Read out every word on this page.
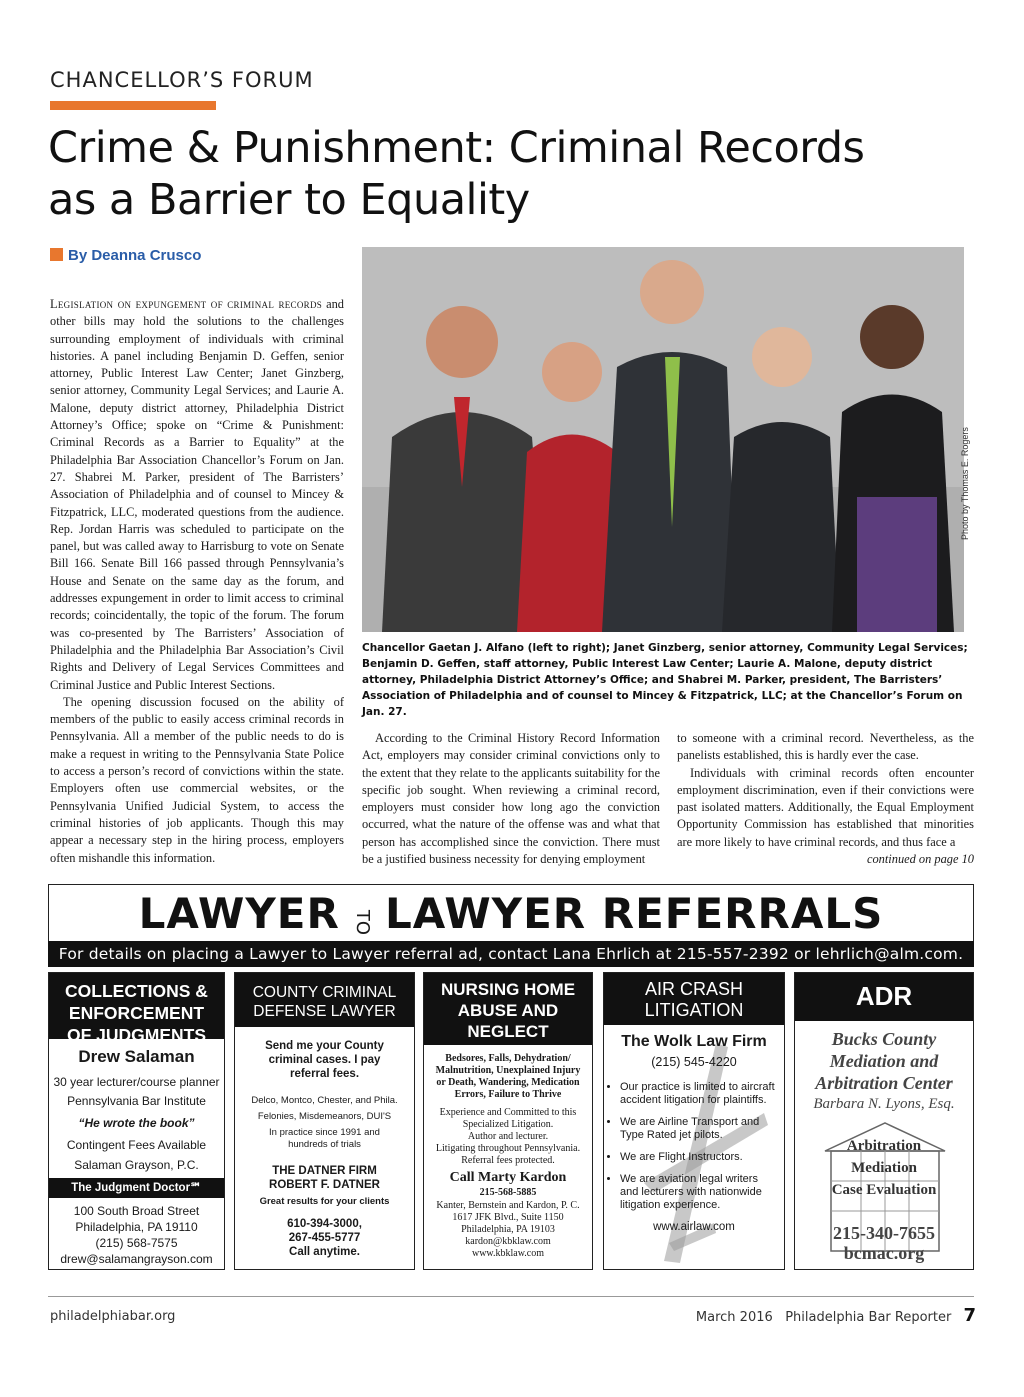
CHANCELLOR’S FORUM
Crime & Punishment: Criminal Records
as a Barrier to Equality
By Deanna Crusco

Legislation on expungement of criminal records and other bills may hold the solutions to the challenges surrounding employment of individuals with criminal histories. A panel including Benjamin D. Geffen, senior attorney, Public Interest Law Center; Janet Ginzberg, senior attorney, Community Legal Services; and Laurie A. Malone, deputy district attorney, Philadelphia District Attorney’s Office; spoke on “Crime & Punishment: Criminal Records as a Barrier to Equality” at the Philadelphia Bar Association Chancellor’s Forum on Jan. 27. Shabrei M. Parker, president of The Barristers’ Association of Philadelphia and of counsel to Mincey & Fitzpatrick, LLC, moderated questions from the audience. Rep. Jordan Harris was scheduled to participate on the panel, but was called away to Harrisburg to vote on Senate Bill 166. Senate Bill 166 passed through Pennsylvania’s House and Senate on the same day as the forum, and addresses expungement in order to limit access to criminal records; coincidentally, the topic of the forum. The forum was co-presented by The Barristers’ Association of Philadelphia and the Philadelphia Bar Association’s Civil Rights and Delivery of Legal Services Committees and Criminal Justice and Public Interest Sections.

The opening discussion focused on the ability of members of the public to easily access criminal records in Pennsylvania. All a member of the public needs to do is make a request in writing to the Pennsylvania State Police to access a person’s record of convictions within the state. Employers often use commercial websites, or the Pennsylvania Unified Judicial System, to access the criminal histories of job applicants. Though this may appear a necessary step in the hiring process, employers often mishandle this information.

Photo by Thomas E. Rogers
Chancellor Gaetan J. Alfano (left to right); Janet Ginzberg, senior attorney, Community Legal Services; Benjamin D. Geffen, staff attorney, Public Interest Law Center; Laurie A. Malone, deputy district attorney, Philadelphia District Attorney’s Office; and Shabrei M. Parker, president, The Barristers’ Association of Philadelphia and of counsel to Mincey & Fitzpatrick, LLC; at the Chancellor’s Forum on Jan. 27.

According to the Criminal History Record Information Act, employers may consider criminal convictions only to the extent that they relate to the applicants suitability for the specific job sought. When reviewing a criminal record, employers must consider how long ago the conviction occurred, what the nature of the offense was and what that person has accomplished since the conviction. There must be a justified business necessity for denying employment

to someone with a criminal record. Nevertheless, as the panelists established, this is hardly ever the case.

Individuals with criminal records often encounter employment discrimination, even if their convictions were past isolated matters. Additionally, the Equal Employment Opportunity Commission has established that minorities are more likely to have criminal records, and thus face a

continued on page 10
LAWYER TO LAWYER REFERRALS
For details on placing a Lawyer to Lawyer referral ad, contact Lana Ehrlich at 215-557-2392 or lehrlich@alm.com.
COLLECTIONS & ENFORCEMENT OF JUDGMENTS
Drew Salaman
30 year lecturer/course planner
Pennsylvania Bar Institute
“He wrote the book”
Contingent Fees Available
Salaman Grayson, P.C.
The Judgment Doctor℠
100 South Broad Street
Philadelphia, PA 19110
(215) 568-7575
drew@salamangrayson.com
COUNTY CRIMINAL DEFENSE LAWYER
Send me your County criminal cases. I pay referral fees.
Delco, Montco, Chester, and Phila.
Felonies, Misdemeanors, DUI'S
In practice since 1991 and hundreds of trials
THE DATNER FIRM
ROBERT F. DATNER
Great results for your clients
610-394-3000, 267-455-5777
Call anytime.
NURSING HOME ABUSE AND NEGLECT
Bedsores, Falls, Dehydration/ Malnutrition, Unexplained Injury or Death, Wandering, Medication Errors, Failure to Thrive
Experience and Committed to this Specialized Litigation.
Author and lecturer.
Litigating throughout Pennsylvania.
Referral fees protected.
Call Marty Kardon
215-568-5885
Kanter, Bernstein and Kardon, P. C.
1617 JFK Blvd., Suite 1150
Philadelphia, PA 19103
kardon@kbklaw.com
www.kbklaw.com
AIR CRASH LITIGATION
The Wolk Law Firm
(215) 545-4220
• Our practice is limited to aircraft accident litigation for plaintiffs.
• We are Airline Transport and Type Rated jet pilots.
• We are Flight Instructors.
• We are aviation legal writers and lecturers with nationwide litigation experience.
www.airlaw.com
ADR
Bucks County
Mediation and
Arbitration Center
Barbara N. Lyons, Esq.
Arbitration
Mediation
Case Evaluation
215-340-7655
bcmac.org
philadelphiabar.org	March 2016 Philadelphia Bar Reporter 7
